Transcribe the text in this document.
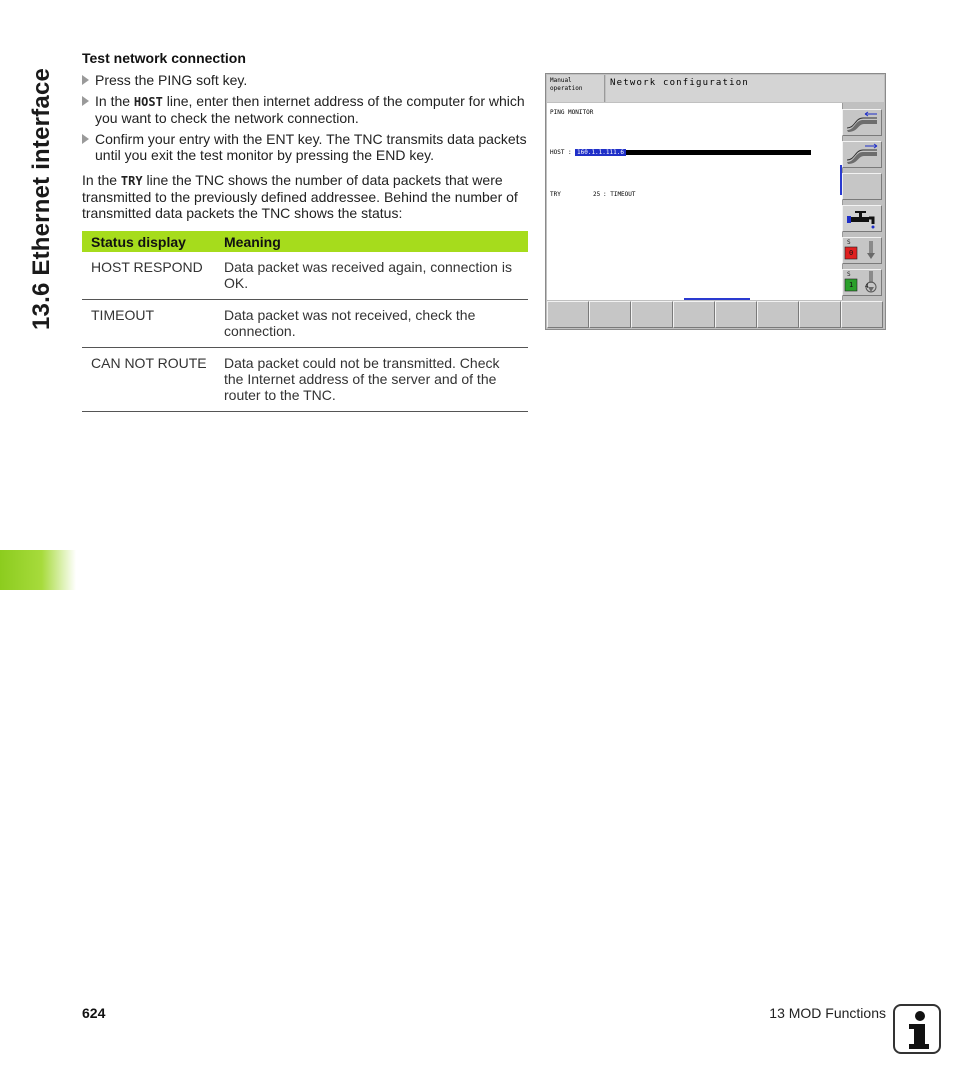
13.6 Ethernet interface
Test network connection
Press the PING soft key.
In the HOST line, enter then internet address of the computer for which you want to check the network connection.
Confirm your entry with the ENT key. The TNC transmits data packets until you exit the test monitor by pressing the END key.

In the TRY line the TNC shows the number of data packets that were transmitted to the previously defined addressee. Behind the number of transmitted data packets the TNC shows the status:

Status display	Meaning
HOST RESPOND	Data packet was received again, connection is OK.
TIMEOUT	Data packet was not received, check the connection.
CAN NOT ROUTE	Data packet could not be transmitted. Check the Internet address of the server and of the router to the TNC.
Manual
operation
Network configuration
PING MONITOR
HOST : 160.1.1.111.6
TRY	25 : TIMEOUT
S
0
S
1 4
624	13 MOD Functions
